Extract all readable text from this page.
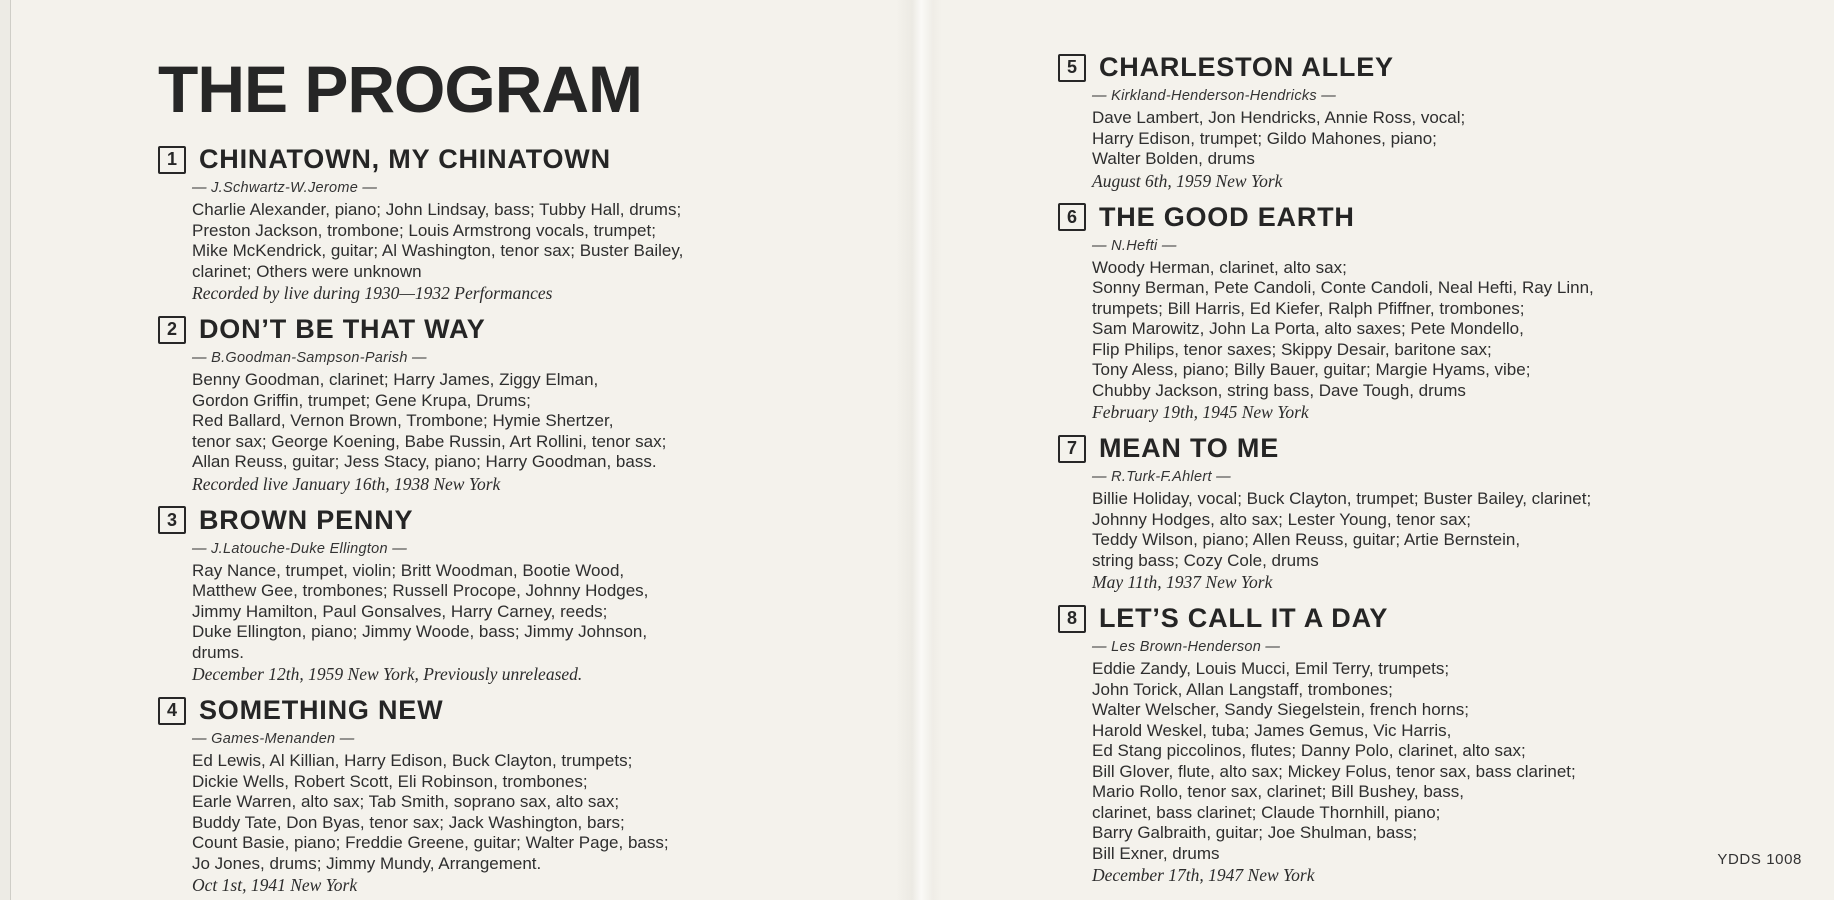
THE PROGRAM
1 CHINATOWN, MY CHINATOWN
— J.Schwartz-W.Jerome —
Charlie Alexander, piano; John Lindsay, bass; Tubby Hall, drums;
Preston Jackson, trombone; Louis Armstrong vocals, trumpet;
Mike McKendrick, guitar; Al Washington, tenor sax; Buster Bailey,
clarinet; Others were unknown
Recorded by live during 1930—1932 Performances
2 DON’T BE THAT WAY
— B.Goodman-Sampson-Parish —
Benny Goodman, clarinet; Harry James, Ziggy Elman,
Gordon Griffin, trumpet; Gene Krupa, Drums;
Red Ballard, Vernon Brown, Trombone; Hymie Shertzer,
tenor sax; George Koening, Babe Russin, Art Rollini, tenor sax;
Allan Reuss, guitar; Jess Stacy, piano; Harry Goodman, bass.
Recorded live January 16th, 1938 New York
3 BROWN PENNY
— J.Latouche-Duke Ellington —
Ray Nance, trumpet, violin; Britt Woodman, Bootie Wood,
Matthew Gee, trombones; Russell Procope, Johnny Hodges,
Jimmy Hamilton, Paul Gonsalves, Harry Carney, reeds;
Duke Ellington, piano; Jimmy Woode, bass; Jimmy Johnson,
drums.
December 12th, 1959 New York, Previously unreleased.
4 SOMETHING NEW
— Games-Menanden —
Ed Lewis, Al Killian, Harry Edison, Buck Clayton, trumpets;
Dickie Wells, Robert Scott, Eli Robinson, trombones;
Earle Warren, alto sax; Tab Smith, soprano sax, alto sax;
Buddy Tate, Don Byas, tenor sax; Jack Washington, bars;
Count Basie, piano; Freddie Greene, guitar; Walter Page, bass;
Jo Jones, drums; Jimmy Mundy, Arrangement.
Oct 1st, 1941 New York
5 CHARLESTON ALLEY
— Kirkland-Henderson-Hendricks —
Dave Lambert, Jon Hendricks, Annie Ross, vocal;
Harry Edison, trumpet; Gildo Mahones, piano;
Walter Bolden, drums
August 6th, 1959 New York
6 THE GOOD EARTH
— N.Hefti —
Woody Herman, clarinet, alto sax;
Sonny Berman, Pete Candoli, Conte Candoli, Neal Hefti, Ray Linn,
trumpets; Bill Harris, Ed Kiefer, Ralph Pfiffner, trombones;
Sam Marowitz, John La Porta, alto saxes; Pete Mondello,
Flip Philips, tenor saxes; Skippy Desair, baritone sax;
Tony Aless, piano; Billy Bauer, guitar; Margie Hyams, vibe;
Chubby Jackson, string bass, Dave Tough, drums
February 19th, 1945 New York
7 MEAN TO ME
— R.Turk-F.Ahlert —
Billie Holiday, vocal; Buck Clayton, trumpet; Buster Bailey, clarinet;
Johnny Hodges, alto sax; Lester Young, tenor sax;
Teddy Wilson, piano; Allen Reuss, guitar; Artie Bernstein,
string bass; Cozy Cole, drums
May 11th, 1937 New York
8 LET’S CALL IT A DAY
— Les Brown-Henderson —
Eddie Zandy, Louis Mucci, Emil Terry, trumpets;
John Torick, Allan Langstaff, trombones;
Walter Welscher, Sandy Siegelstein, french horns;
Harold Weskel, tuba; James Gemus, Vic Harris,
Ed Stang piccolinos, flutes; Danny Polo, clarinet, alto sax;
Bill Glover, flute, alto sax; Mickey Folus, tenor sax, bass clarinet;
Mario Rollo, tenor sax, clarinet; Bill Bushey, bass,
clarinet, bass clarinet; Claude Thornhill, piano;
Barry Galbraith, guitar; Joe Shulman, bass;
Bill Exner, drums
December 17th, 1947 New York
YDDS 1008
